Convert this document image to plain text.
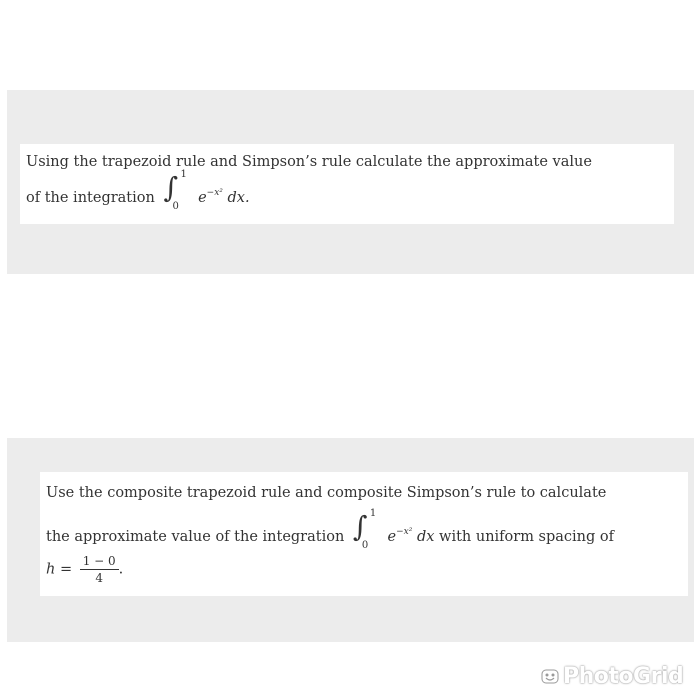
Using the trapezoid rule and Simpson’s rule calculate the approximate value
of the integration ∫ 1
0
$e^{-x^2}$ dx.
Use the composite trapezoid rule and composite Simpson’s rule to calculate
the approximate value of the integration ∫ 1
0
$e^{-x^2}$ dx with uniform spacing of
$h = \frac{1 - 0}{4}$ .
PhotoGrid
